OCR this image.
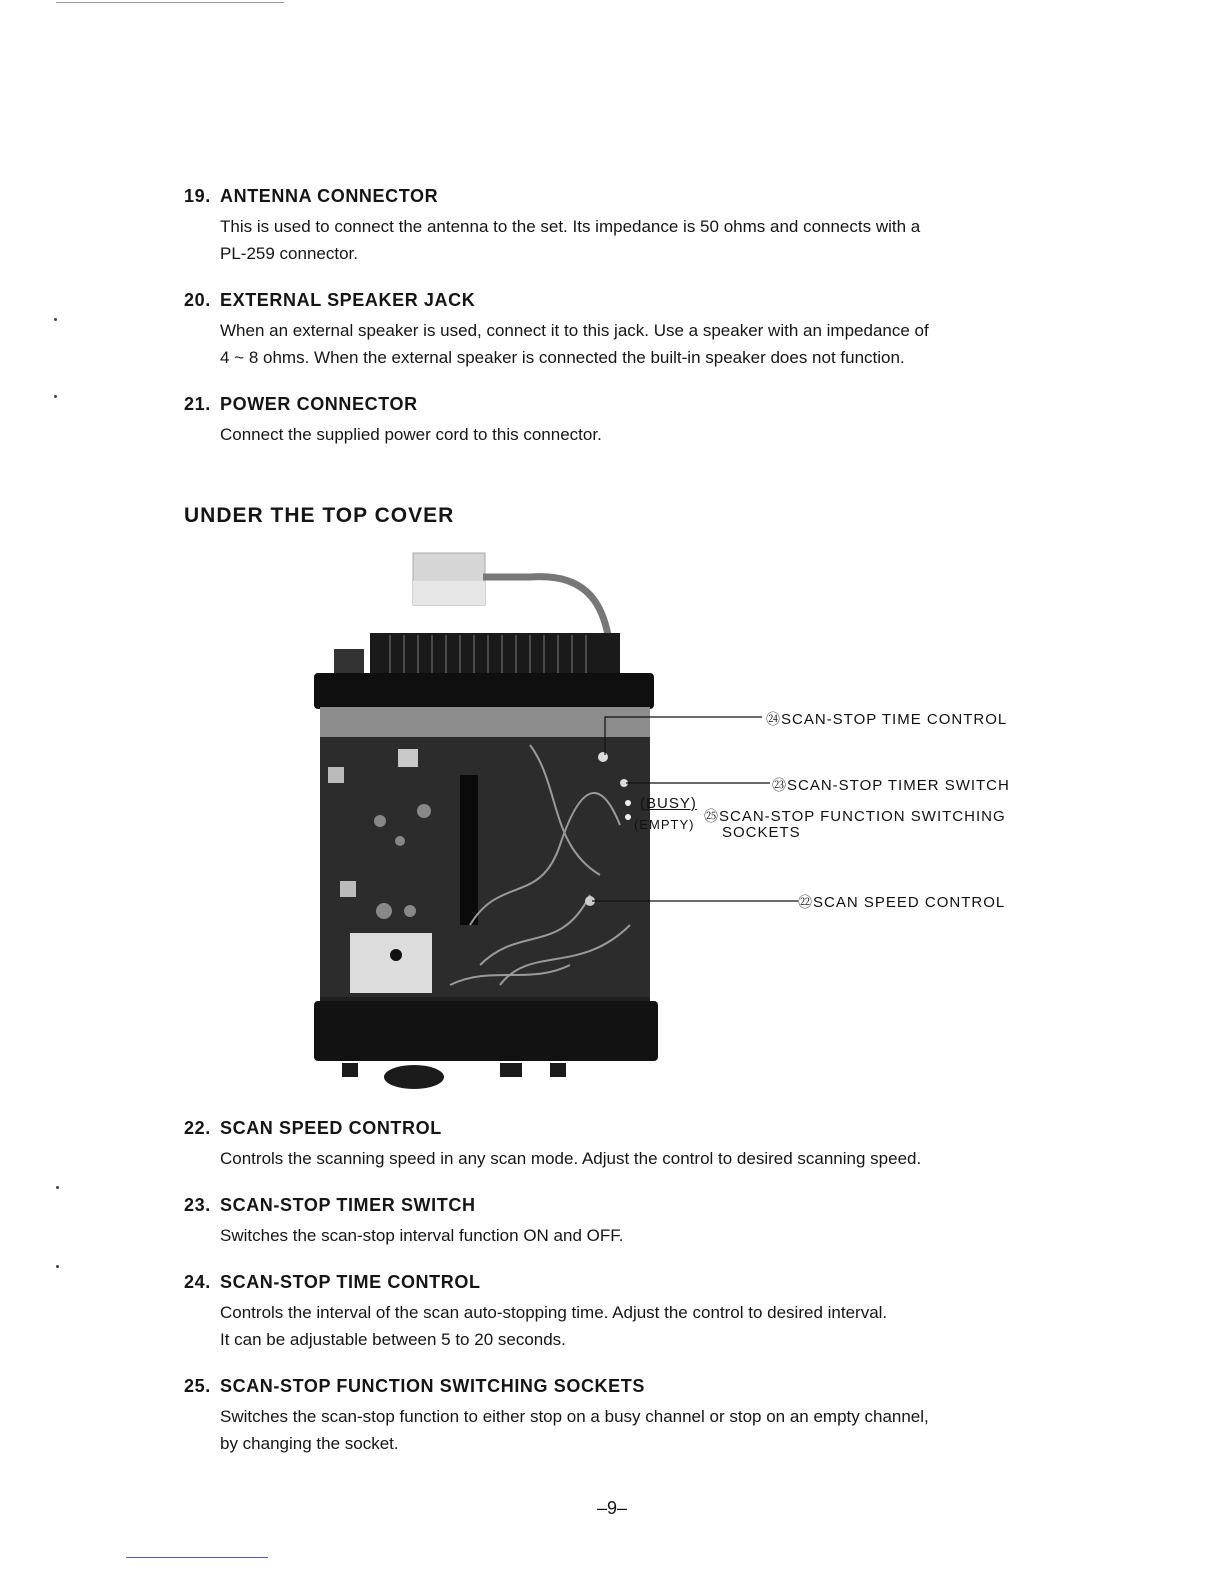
19. ANTENNA CONNECTOR
This is used to connect the antenna to the set. Its impedance is 50 ohms and connects with a
PL-259 connector.
20. EXTERNAL SPEAKER JACK
When an external speaker is used, connect it to this jack. Use a speaker with an impedance of
4 ~ 8 ohms. When the external speaker is connected the built-in speaker does not function.
21. POWER CONNECTOR
Connect the supplied power cord to this connector.
UNDER THE TOP COVER
㉔SCAN-STOP TIME CONTROL
㉓SCAN-STOP TIMER SWITCH
(BUSY)
(EMPTY)
㉕SCAN-STOP FUNCTION SWITCHING
SOCKETS
㉒SCAN SPEED CONTROL
22. SCAN SPEED CONTROL
Controls the scanning speed in any scan mode. Adjust the control to desired scanning speed.
23. SCAN-STOP TIMER SWITCH
Switches the scan-stop interval function ON and OFF.
24. SCAN-STOP TIME CONTROL
Controls the interval of the scan auto-stopping time. Adjust the control to desired interval.
It can be adjustable between 5 to 20 seconds.
25. SCAN-STOP FUNCTION SWITCHING SOCKETS
Switches the scan-stop function to either stop on a busy channel or stop on an empty channel,
by changing the socket.
–9–
